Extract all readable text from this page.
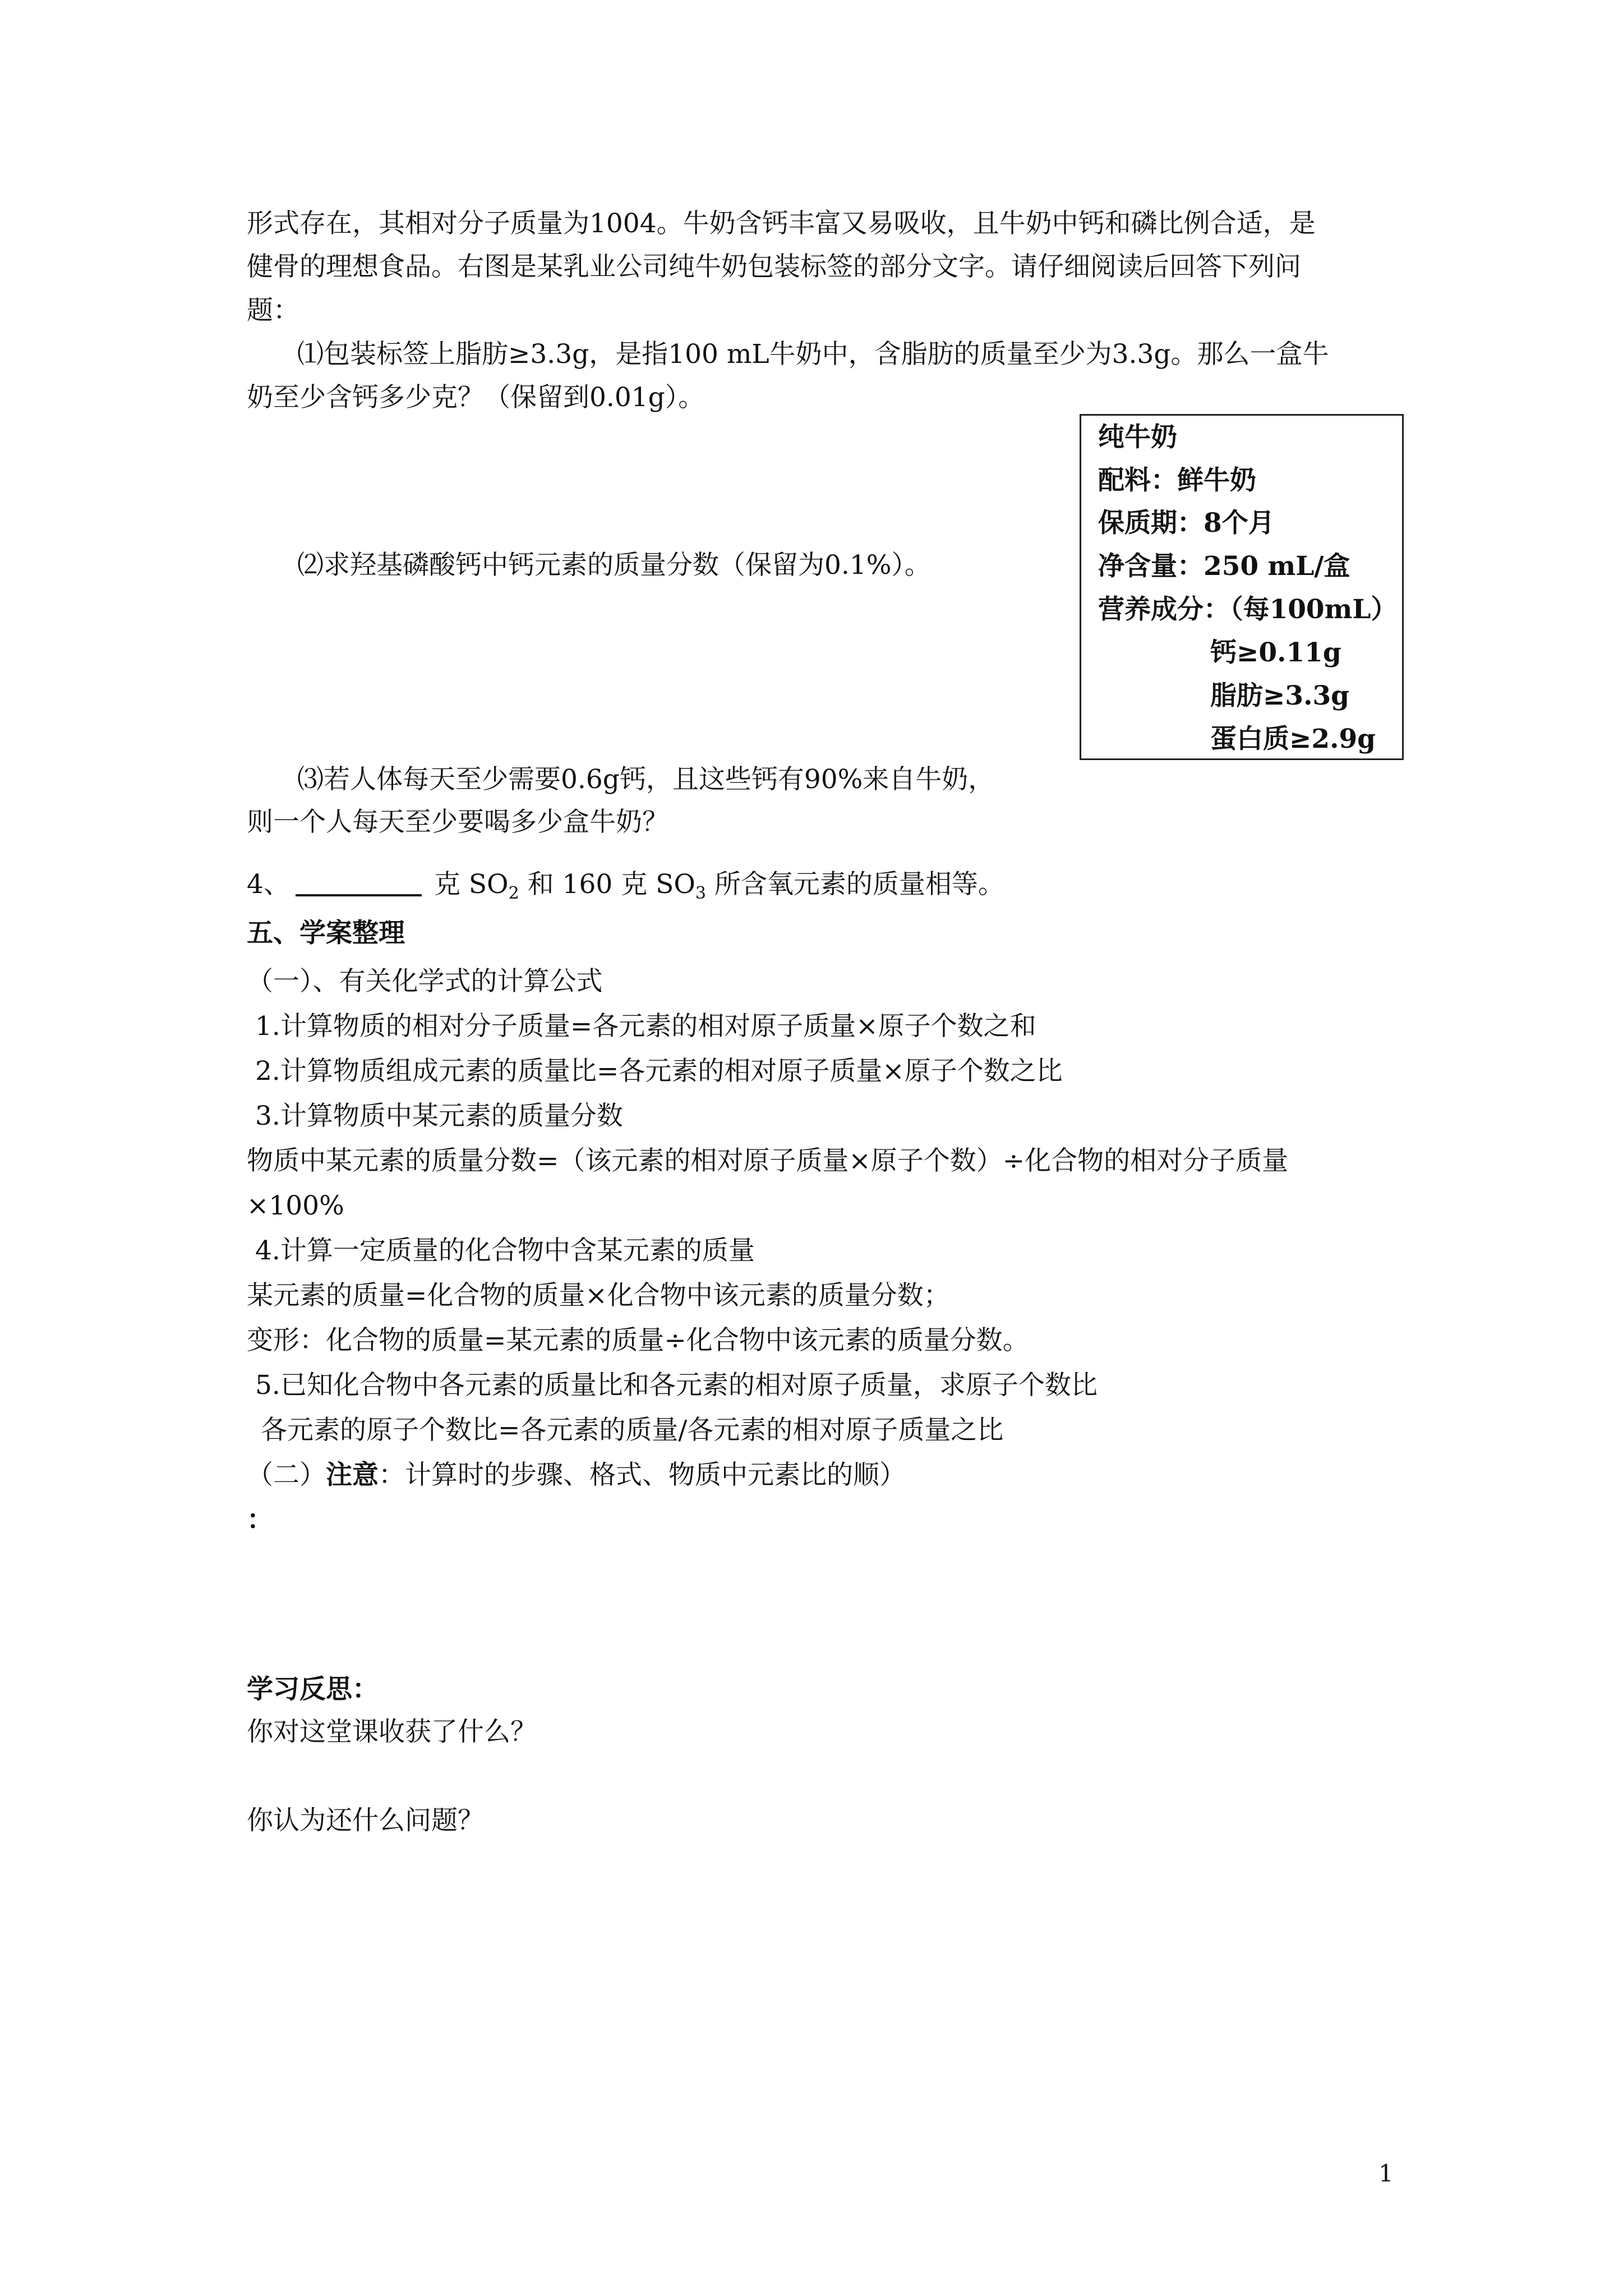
形式存在，其相对分子质量为1004。牛奶含钙丰富又易吸收，且牛奶中钙和磷比例合适，是
健骨的理想食品。右图是某乳业公司纯牛奶包装标签的部分文字。请仔细阅读后回答下列问
题：
⑴包装标签上脂肪≥3.3g，是指100 mL牛奶中，含脂肪的质量至少为3.3g。那么一盒牛
奶至少含钙多少克？（保留到0.01g）。
纯牛奶
配料：鲜牛奶
保质期：8个月
净含量：250 mL/盒
营养成分：（每100mL）
钙≥0.11g
脂肪≥3.3g
蛋白质≥2.9g
⑵求羟基磷酸钙中钙元素的质量分数（保留为0.1%）。
⑶若人体每天至少需要0.6g钙，且这些钙有90%来自牛奶，
则一个人每天至少要喝多少盒牛奶？
4、	克 $SO_2$ 和 160 克 $SO_3$ 所含氧元素的质量相等。
五、学案整理
（一）、有关化学式的计算公式
1.计算物质的相对分子质量=各元素的相对原子质量×原子个数之和
2.计算物质组成元素的质量比=各元素的相对原子质量×原子个数之比
3.计算物质中某元素的质量分数
物质中某元素的质量分数=（该元素的相对原子质量×原子个数）÷化合物的相对分子质量
×100%
4.计算一定质量的化合物中含某元素的质量
某元素的质量=化合物的质量×化合物中该元素的质量分数；
变形：化合物的质量=某元素的质量÷化合物中该元素的质量分数。
5.已知化合物中各元素的质量比和各元素的相对原子质量，求原子个数比
各元素的原子个数比=各元素的质量/各元素的相对原子质量之比
（二）注意：计算时的步骤、格式、物质中元素比的顺）
：
学习反思：
你对这堂课收获了什么？
你认为还什么问题？
1
